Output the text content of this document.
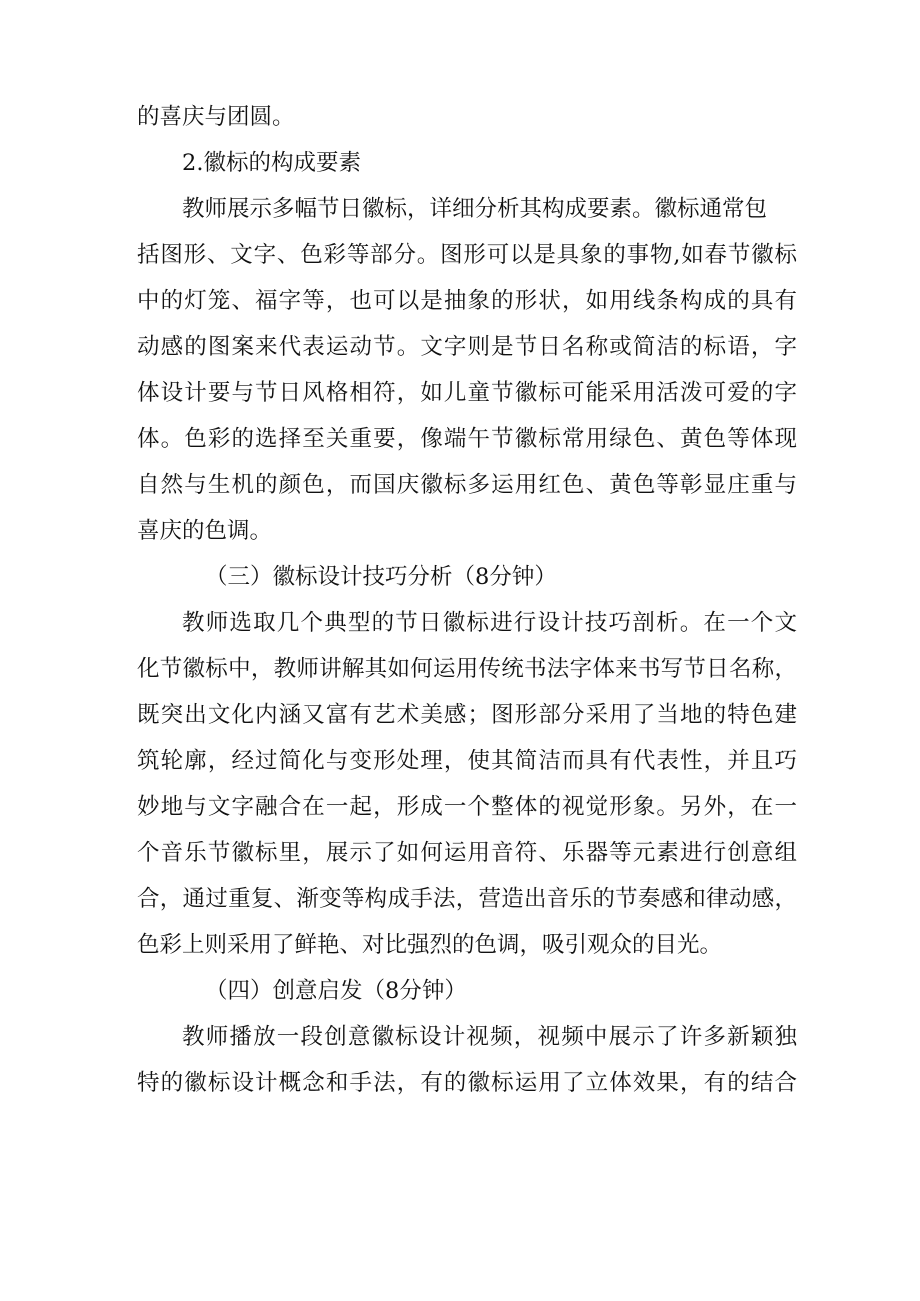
的喜庆与团圆。
2.徽标的构成要素
教师展示多幅节日徽标，详细分析其构成要素。徽标通常包
括图形、文字、色彩等部分。图形可以是具象的事物,如春节徽标
中的灯笼、福字等，也可以是抽象的形状，如用线条构成的具有
动感的图案来代表运动节。文字则是节日名称或简洁的标语，字
体设计要与节日风格相符，如儿童节徽标可能采用活泼可爱的字
体。色彩的选择至关重要，像端午节徽标常用绿色、黄色等体现
自然与生机的颜色，而国庆徽标多运用红色、黄色等彰显庄重与
喜庆的色调。
（三）徽标设计技巧分析（8分钟）
教师选取几个典型的节日徽标进行设计技巧剖析。在一个文
化节徽标中，教师讲解其如何运用传统书法字体来书写节日名称，
既突出文化内涵又富有艺术美感；图形部分采用了当地的特色建
筑轮廓，经过简化与变形处理，使其简洁而具有代表性，并且巧
妙地与文字融合在一起，形成一个整体的视觉形象。另外，在一
个音乐节徽标里，展示了如何运用音符、乐器等元素进行创意组
合，通过重复、渐变等构成手法，营造出音乐的节奏感和律动感，
色彩上则采用了鲜艳、对比强烈的色调，吸引观众的目光。
（四）创意启发（8分钟）
教师播放一段创意徽标设计视频，视频中展示了许多新颖独
特的徽标设计概念和手法，有的徽标运用了立体效果，有的结合
